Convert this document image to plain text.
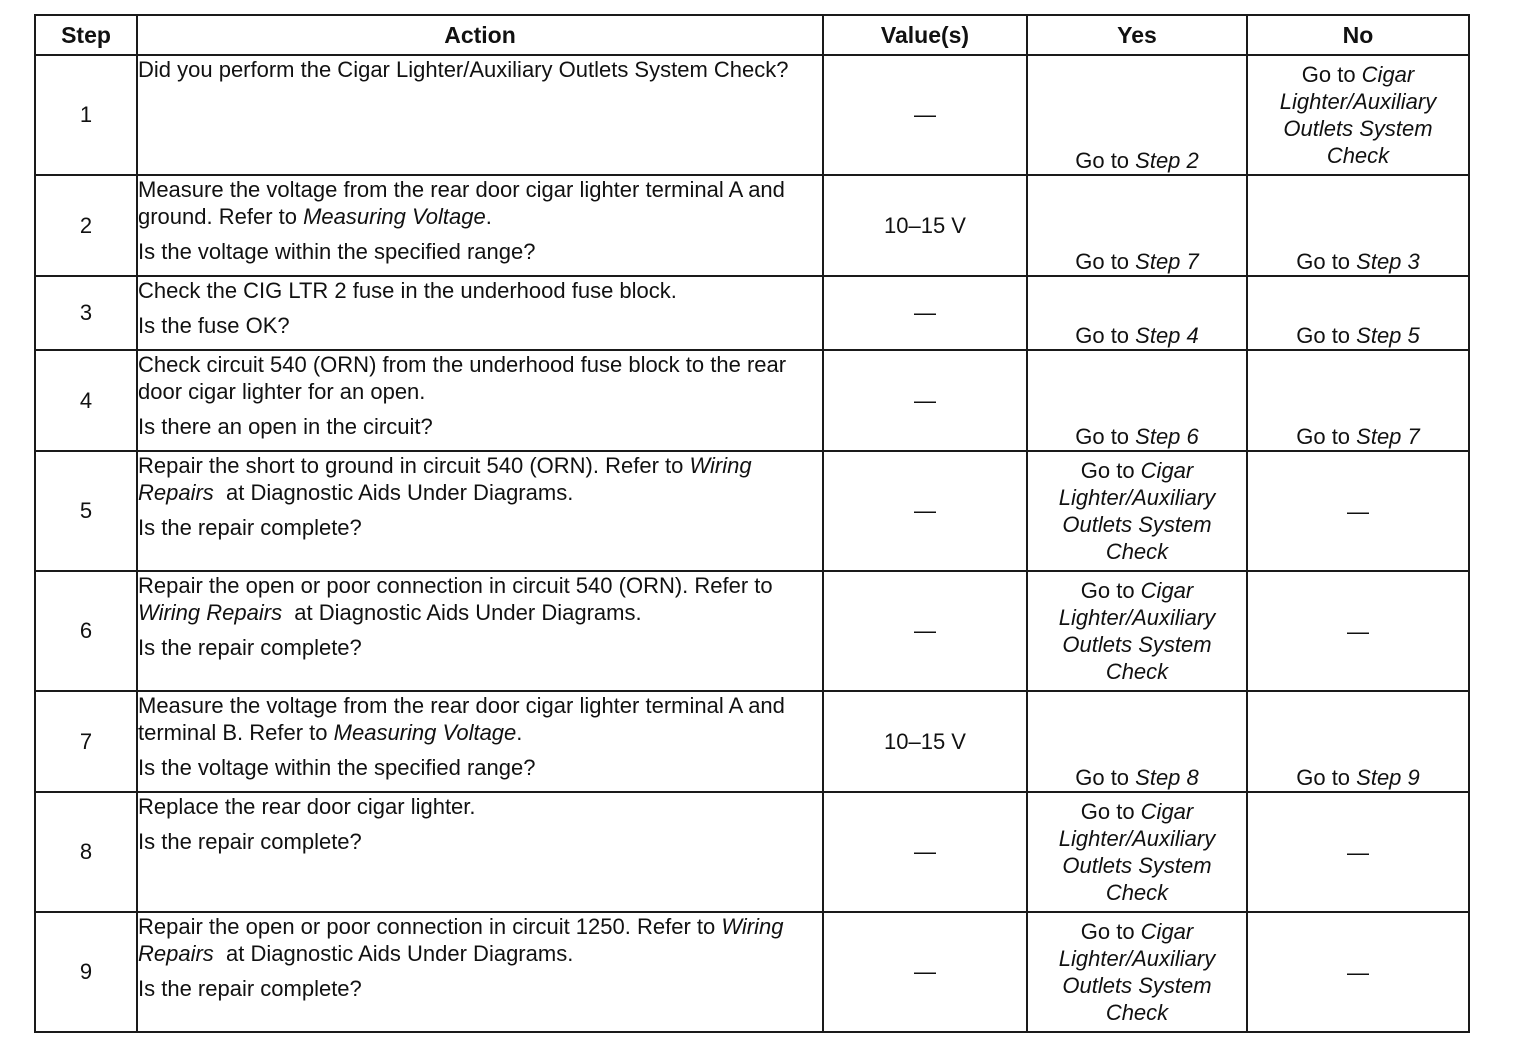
Step	Action	Value(s)	Yes	No
1	Did you perform the Cigar Lighter/Auxiliary Outlets System Check?	—	Go to Step 2	Go to Cigar Lighter/Auxiliary Outlets System Check
2	Measure the voltage from the rear door cigar lighter terminal A and ground. Refer to Measuring Voltage.

Is the voltage within the specified range?	10–15 V	Go to Step 7	Go to Step 3
3	Check the CIG LTR 2 fuse in the underhood fuse block.

Is the fuse OK?	—	Go to Step 4	Go to Step 5
4	Check circuit 540 (ORN) from the underhood fuse block to the rear door cigar lighter for an open.

Is there an open in the circuit?	—	Go to Step 6	Go to Step 7
5	Repair the short to ground in circuit 540 (ORN). Refer to Wiring Repairs  at Diagnostic Aids Under Diagrams.

Is the repair complete?	—	Go to Cigar Lighter/Auxiliary Outlets System Check	—
6	Repair the open or poor connection in circuit 540 (ORN). Refer to Wiring Repairs  at Diagnostic Aids Under Diagrams.

Is the repair complete?	—	Go to Cigar Lighter/Auxiliary Outlets System Check	—
7	Measure the voltage from the rear door cigar lighter terminal A and terminal B. Refer to Measuring Voltage.

Is the voltage within the specified range?	10–15 V	Go to Step 8	Go to Step 9
8	Replace the rear door cigar lighter.

Is the repair complete?	—	Go to Cigar Lighter/Auxiliary Outlets System Check	—
9	Repair the open or poor connection in circuit 1250. Refer to Wiring Repairs  at Diagnostic Aids Under Diagrams.

Is the repair complete?	—	Go to Cigar Lighter/Auxiliary Outlets System Check	—
